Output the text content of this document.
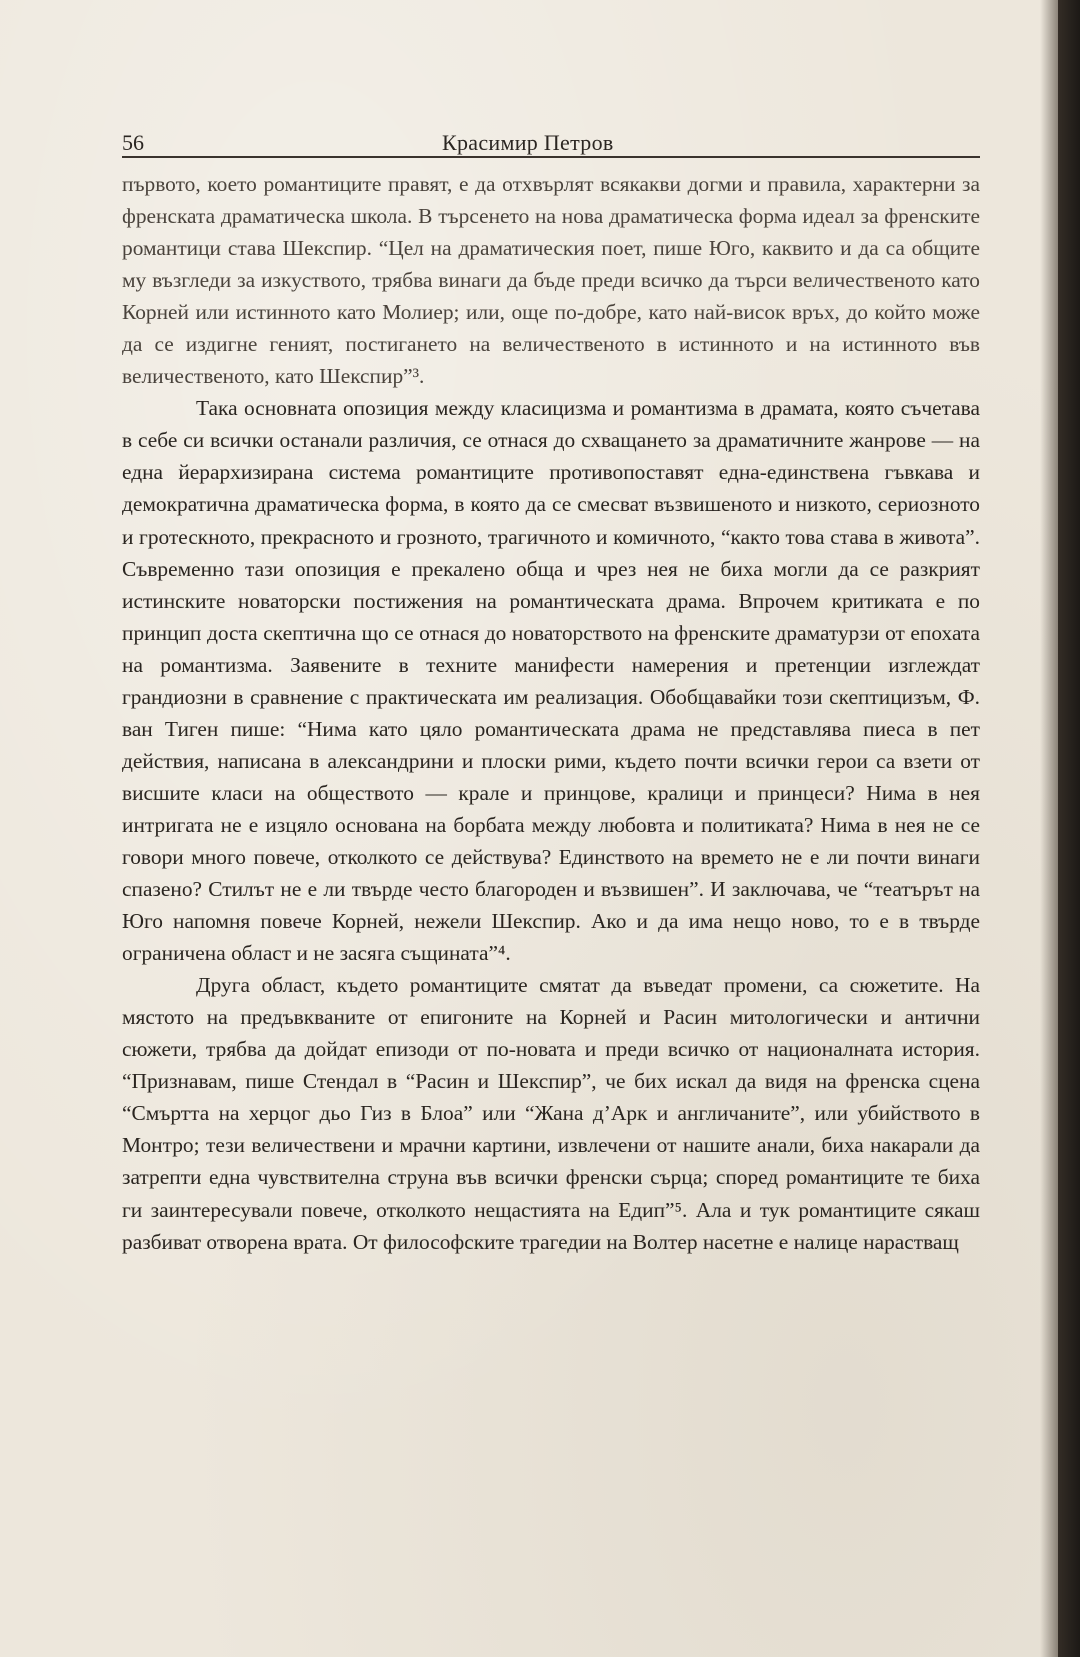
56	Красимир Петров

първото, което романтиците правят, е да отхвърлят всякакви догми и правила, характерни за френската драматическа школа. В търсенето на нова драматическа форма идеал за френските романтици става Шекспир. “Цел на драматическия поет, пише Юго, каквито и да са общите му възгледи за изкуството, трябва винаги да бъде преди всичко да търси величественото като Корней или истинното като Молиер; или, още по-добре, като най-висок връх, до който може да се издигне геният, постигането на величественото в истинното и на истинното във величественото, като Шекспир”³.

Така основната опозиция между класицизма и романтизма в драмата, която съчетава в себе си всички останали различия, се отнася до схващането за драматичните жанрове — на една йерархизирана система романтиците противопоставят една-единствена гъвкава и демократична драматическа форма, в която да се смесват възвишеното и низкото, сериозното и гротескното, прекрасното и грозното, трагичното и комичното, “както това става в живота”. Съвременно тази опозиция е прекалено обща и чрез нея не биха могли да се разкрият истинските новаторски постижения на романтическата драма. Впрочем критиката е по принцип доста скептична що се отнася до новаторството на френските драматурзи от епохата на романтизма. Заявените в техните манифести намерения и претенции изглеждат грандиозни в сравнение с практическата им реализация. Обобщавайки този скептицизъм, Ф. ван Тиген пише: “Нима като цяло романтическата драма не представлява пиеса в пет действия, написана в александрини и плоски рими, където почти всички герои са взети от висшите класи на обществото — крале и принцове, кралици и принцеси? Нима в нея интригата не е изцяло основана на борбата между любовта и политиката? Нима в нея не се говори много повече, отколкото се действува? Единството на времето не е ли почти винаги спазено? Стилът не е ли твърде често благороден и възвишен”. И заключава, че “театърът на Юго напомня повече Корней, нежели Шекспир. Ако и да има нещо ново, то е в твърде ограничена област и не засяга същината”⁴.

Друга област, където романтиците смятат да въведат промени, са сюжетите. На мястото на предъвкваните от епигоните на Корней и Расин митологически и антични сюжети, трябва да дойдат епизоди от по-новата и преди всичко от националната история. “Признавам, пише Стендал в “Расин и Шекспир”, че бих искал да видя на френска сцена “Смъртта на херцог дьо Гиз в Блоа” или “Жана д’Арк и англичаните”, или убийството в Монтро; тези величествени и мрачни картини, извлечени от нашите анали, биха накарали да затрепти една чувствителна струна във всички френски сърца; според романтиците те биха ги заинтересували повече, отколкото нещастията на Едип”⁵. Ала и тук романтиците сякаш разбиват отворена врата. От философските трагедии на Волтер насетне е налице нарастващ
